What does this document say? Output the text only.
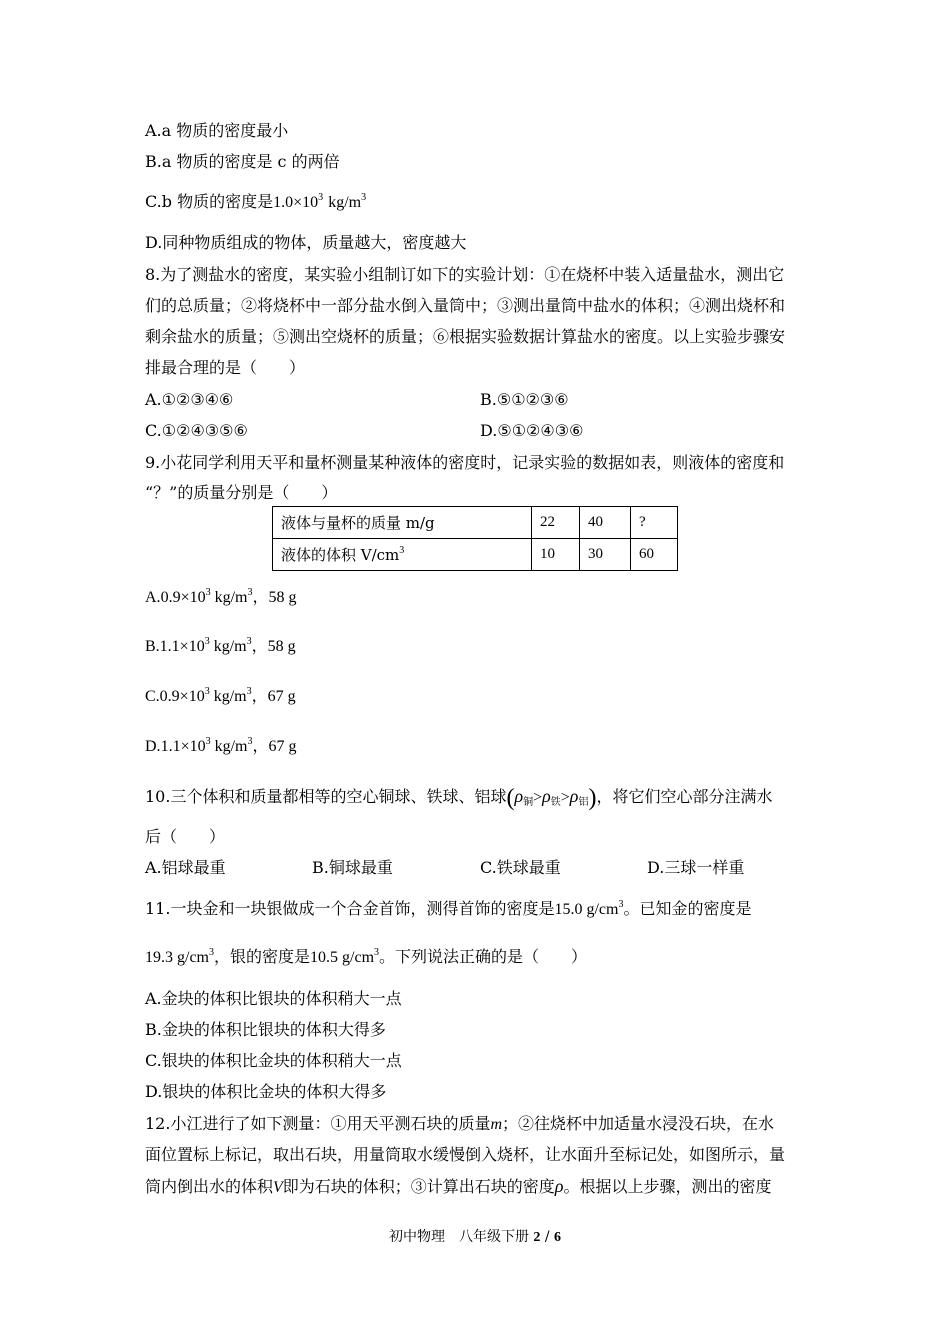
A.a 物质的密度最小
B.a 物质的密度是 c 的两倍
C.b 物质的密度是$1.0\times 10^3$ $kg/m^3$
D.同种物质组成的物体，质量越大，密度越大
8.为了测盐水的密度，某实验小组制订如下的实验计划：①在烧杯中装入适量盐水，测出它
们的总质量；②将烧杯中一部分盐水倒入量筒中；③测出量筒中盐水的体积；④测出烧杯和
剩余盐水的质量；⑤测出空烧杯的质量；⑥根据实验数据计算盐水的密度。以上实验步骤安
排最合理的是（　　）
A.①②③④⑥	B.⑤①②③⑥
C.①②④③⑤⑥	D.⑤①②④③⑥
9.小花同学利用天平和量杯测量某种液体的密度时，记录实验的数据如表，则液体的密度和
“？”的质量分别是（　　）
液体与量杯的质量 m/g	22	40	?
液体的体积 $V/cm^3$	10	30	60
$A.0.9\times 10^3$ $kg/m^3$，58 g
$B.1.1\times 10^3$ $kg/m^3$，58 g
$C.0.9\times 10^3$ $kg/m^3$，67 g
$D.1.1\times 10^3$ $kg/m^3$，67 g
10.三个体积和质量都相等的空心铜球、铁球、铝球$(\rho_铜>\rho_铁>\rho_铝)$，将它们空心部分注满水
后（　　）
A.铝球最重	B.铜球最重	C.铁球最重	D.三球一样重
11.一块金和一块银做成一个合金首饰，测得首饰的密度是15.0 $g/cm^3$。已知金的密度是
19.3 $g/cm^3$，银的密度是10.5 $g/cm^3$。下列说法正确的是（　　）
A.金块的体积比银块的体积稍大一点
B.金块的体积比银块的体积大得多
C.银块的体积比金块的体积稍大一点
D.银块的体积比金块的体积大得多
12.小江进行了如下测量：①用天平测石块的质量m；②往烧杯中加适量水浸没石块，在水
面位置标上标记，取出石块，用量筒取水缓慢倒入烧杯，让水面升至标记处，如图所示，量
筒内倒出水的体积V即为石块的体积；③计算出石块的密度ρ。根据以上步骤，测出的密度
初中物理　八年级下册 2 / 6
